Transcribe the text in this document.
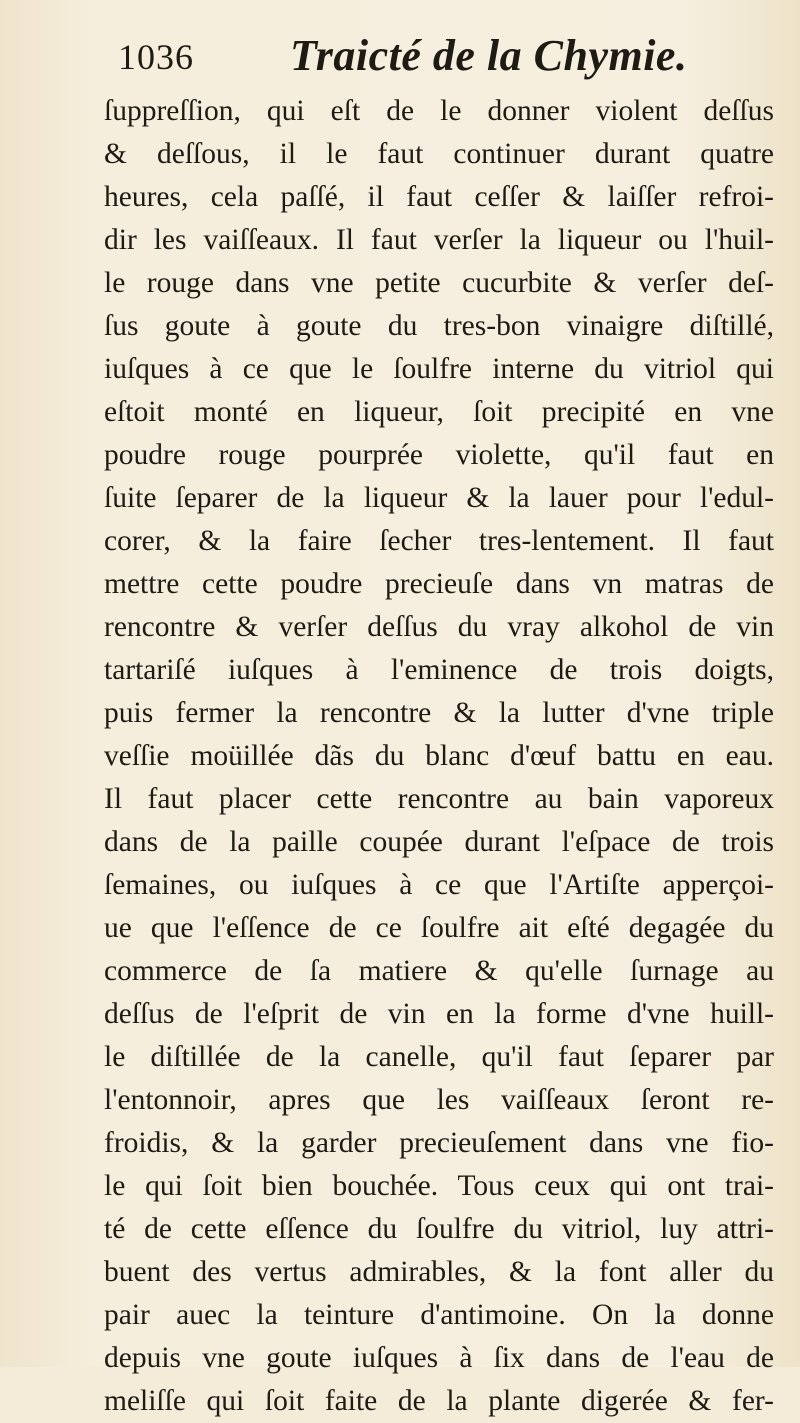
1036 Traicté de la Chymie.
ſuppreſſion, qui eſt de le donner violent deſſus
& deſſous, il le faut continuer durant quatre
heures, cela paſſé, il faut ceſſer & laiſſer refroi-
dir les vaiſſeaux. Il faut verſer la liqueur ou l'huil-
le rouge dans vne petite cucurbite & verſer deſ-
ſus goute à goute du tres-bon vinaigre diſtillé,
iuſques à ce que le ſoulfre interne du vitriol qui
eſtoit monté en liqueur, ſoit precipité en vne
poudre rouge pourprée violette, qu'il faut en
ſuite ſeparer de la liqueur & la lauer pour l'edul-
corer, & la faire ſecher tres-lentement. Il faut
mettre cette poudre precieuſe dans vn matras de
rencontre & verſer deſſus du vray alkohol de vin
tartariſé iuſques à l'eminence de trois doigts,
puis fermer la rencontre & la lutter d'vne triple
veſſie moüillée dãs du blanc d'œuf battu en eau.
Il faut placer cette rencontre au bain vaporeux
dans de la paille coupée durant l'eſpace de trois
ſemaines, ou iuſques à ce que l'Artiſte apperçoi-
ue que l'eſſence de ce ſoulfre ait eſté degagée du
commerce de ſa matiere & qu'elle ſurnage au
deſſus de l'eſprit de vin en la forme d'vne huill-
le diſtillée de la canelle, qu'il faut ſeparer par
l'entonnoir, apres que les vaiſſeaux ſeront re-
froidis, & la garder precieuſement dans vne fio-
le qui ſoit bien bouchée. Tous ceux qui ont trai-
té de cette eſſence du ſoulfre du vitriol, luy attri-
buent des vertus admirables, & la font aller du
pair auec la teinture d'antimoine. On la donne
depuis vne goute iuſques à ſix dans de l'eau de
meliſſe qui ſoit faite de la plante digerée & fer-
